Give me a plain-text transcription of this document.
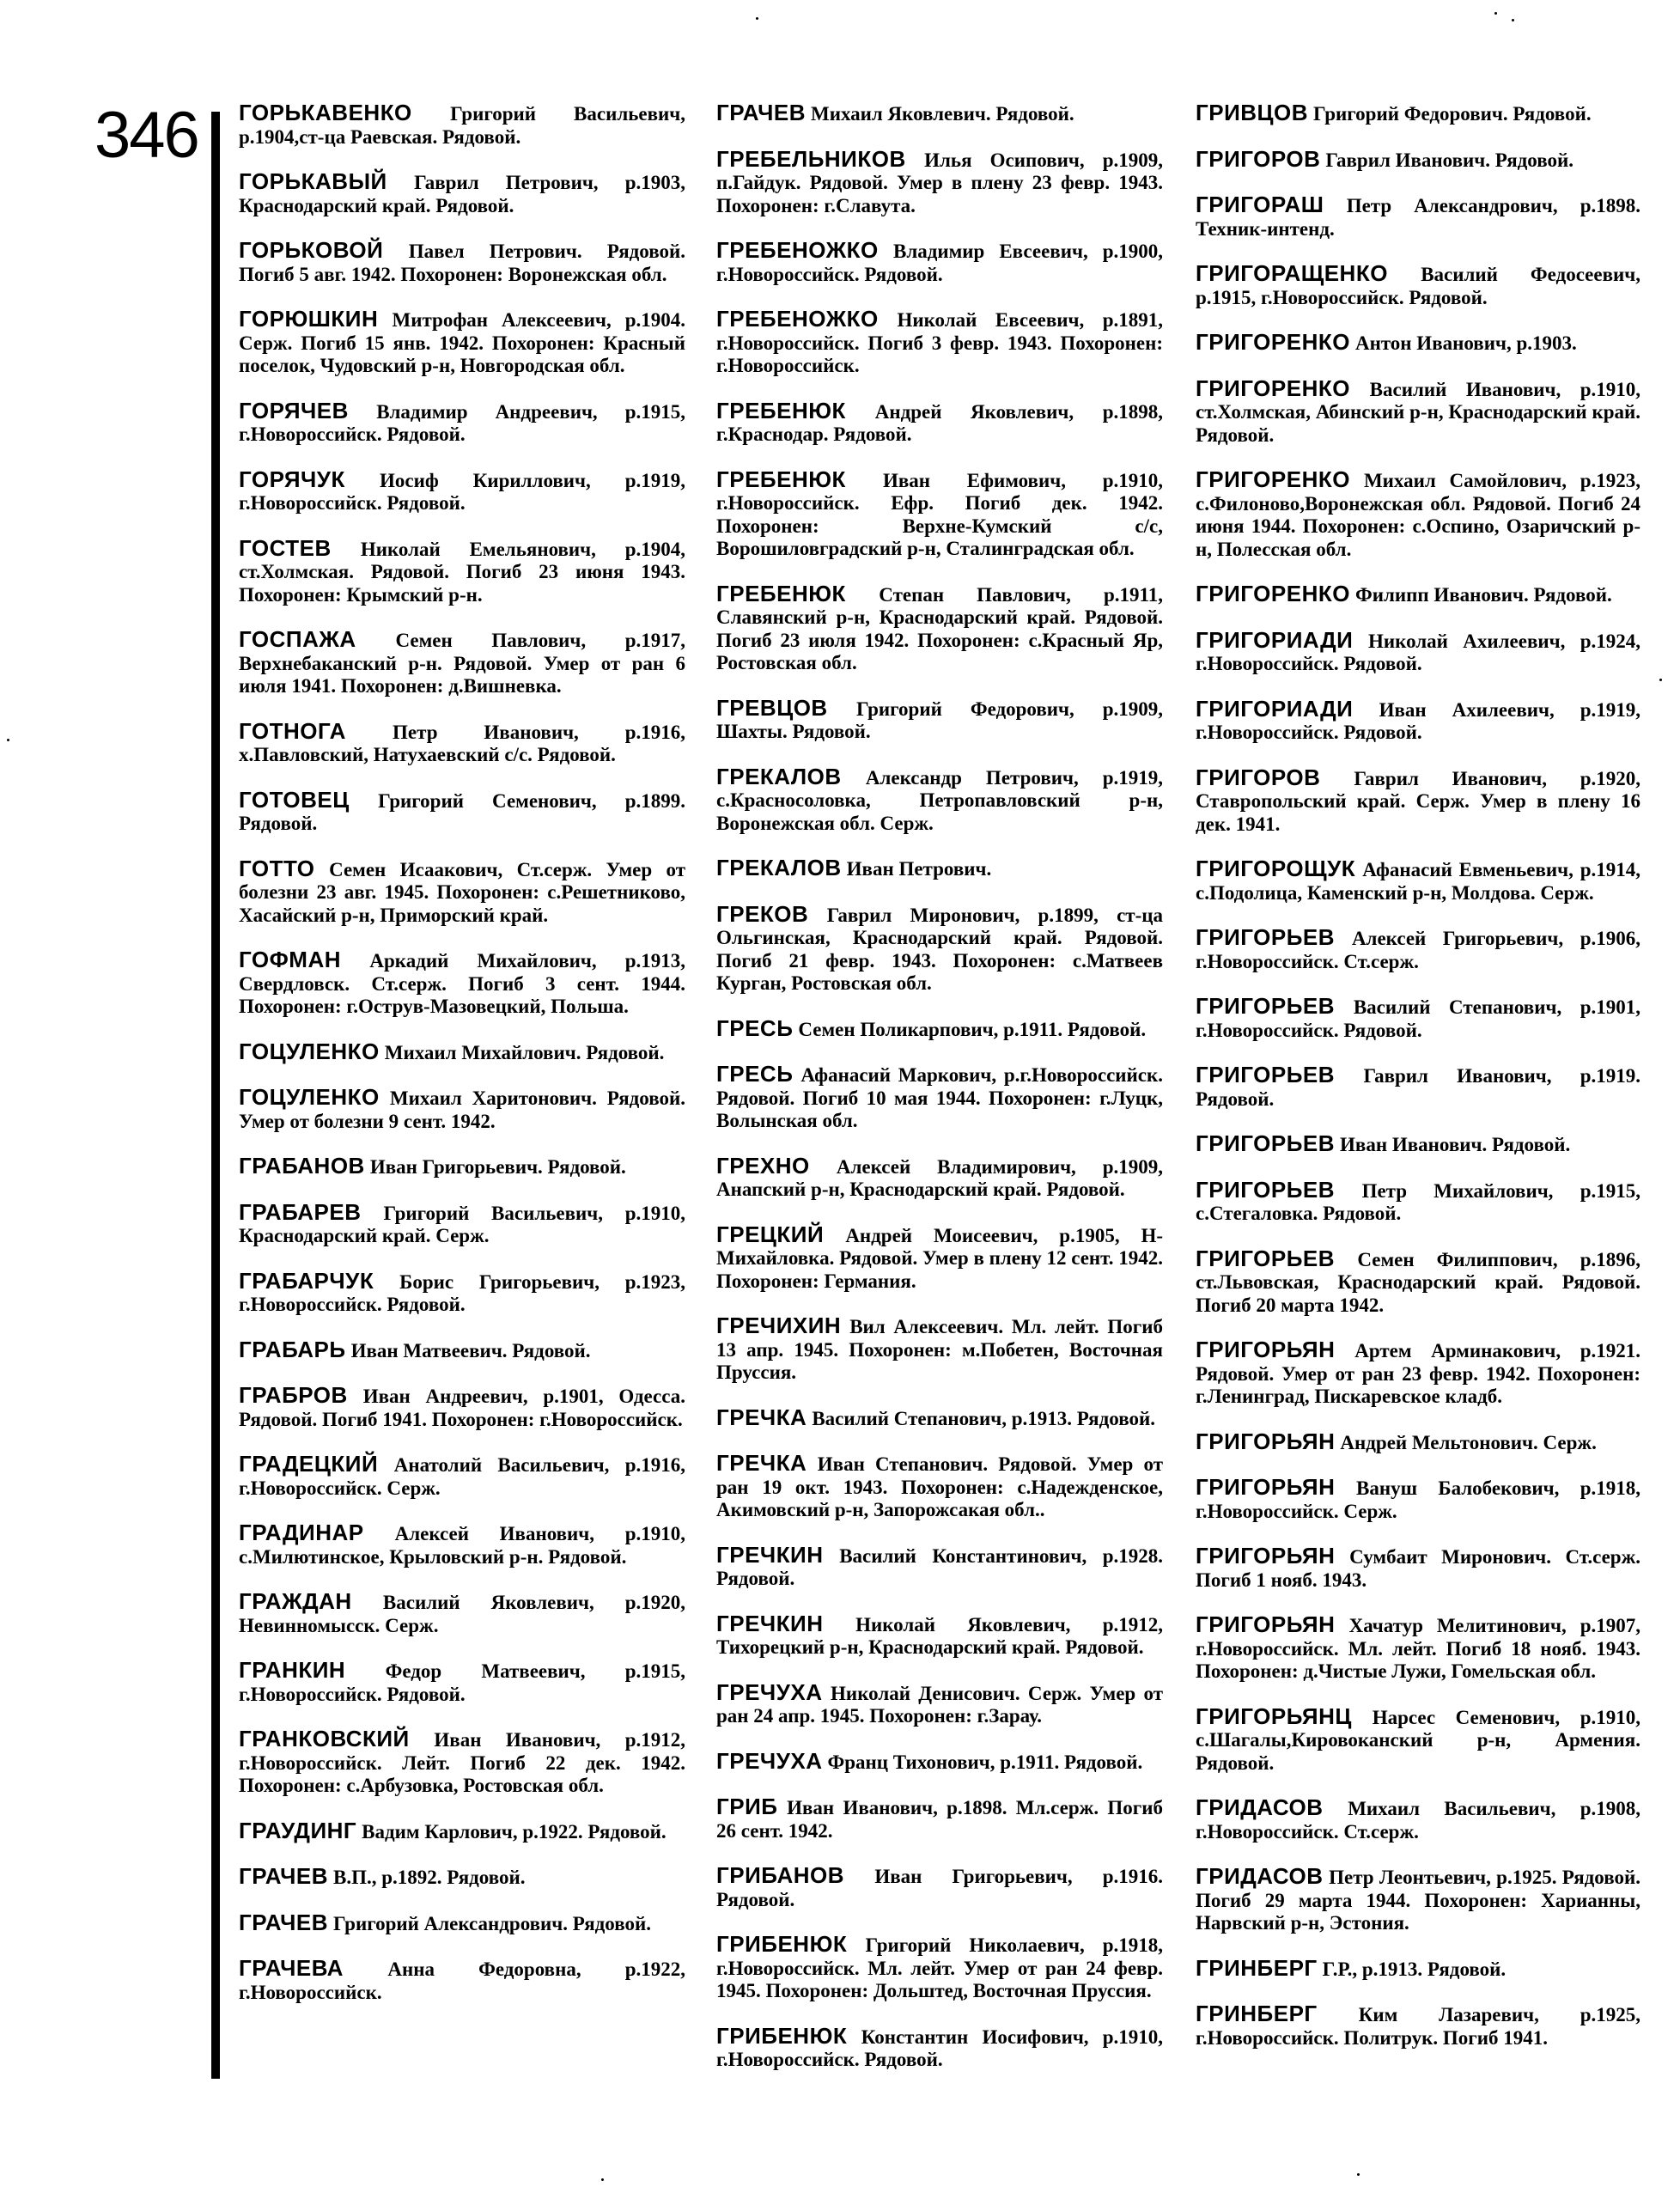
346 ГОРЬКАВЕНКО Григорий Васильевич, р.1904,ст-ца Раевская. Рядовой.
ГОРЬКАВЫЙ Гаврил Петрович, р.1903, Краснодарский край. Рядовой.
ГОРЬКОВОЙ Павел Петрович. Рядовой. Погиб 5 авг. 1942. Похоронен: Воронежская обл.
ГОРЮШКИН Митрофан Алексеевич, р.1904. Серж. Погиб 15 янв. 1942. Похоронен: Красный поселок, Чудовский р-н, Новгородская обл.
ГОРЯЧЕВ Владимир Андреевич, р.1915, г.Новороссийск. Рядовой.
ГОРЯЧУК Иосиф Кириллович, р.1919, г.Новороссийск. Рядовой.
ГОСТЕВ Николай Емельянович, р.1904, ст.Холмская. Рядовой. Погиб 23 июня 1943. Похоронен: Крымский р-н.
ГОСПАЖА Семен Павлович, р.1917, Верхнебаканский р-н. Рядовой. Умер от ран 6 июля 1941. Похоронен: д.Вишневка.
ГОТНОГА Петр Иванович, р.1916, х.Павловский, Натухаевский с/с. Рядовой.
ГОТОВЕЦ Григорий Семенович, р.1899. Рядовой.
ГОТТО Семен Исаакович, Ст.серж. Умер от болезни 23 авг. 1945. Похоронен: с.Решетниково, Хасайский р-н, Приморский край.
ГОФМАН Аркадий Михайлович, р.1913, Свердловск. Ст.серж. Погиб 3 сент. 1944. Похоронен: г.Острув-Мазовецкий, Польша.
ГОЦУЛЕНКО Михаил Михайлович. Рядовой.
ГОЦУЛЕНКО Михаил Харитонович. Рядовой. Умер от болезни 9 сент. 1942.
ГРАБАНОВ Иван Григорьевич. Рядовой.
ГРАБАРЕВ Григорий Васильевич, р.1910, Краснодарский край. Серж.
ГРАБАРЧУК Борис Григорьевич, р.1923, г.Новороссийск. Рядовой.
ГРАБАРЬ Иван Матвеевич. Рядовой.
ГРАБРОВ Иван Андреевич, р.1901, Одесса. Рядовой. Погиб 1941. Похоронен: г.Новороссийск.
ГРАДЕЦКИЙ Анатолий Васильевич, р.1916, г.Новороссийск. Серж.
ГРАДИНАР Алексей Иванович, р.1910, с.Милютинское, Крыловский р-н. Рядовой.
ГРАЖДАН Василий Яковлевич, р.1920, Невинномысск. Серж.
ГРАНКИН Федор Матвеевич, р.1915, г.Новороссийск. Рядовой.
ГРАНКОВСКИЙ Иван Иванович, р.1912, г.Новороссийск. Лейт. Погиб 22 дек. 1942. Похоронен: с.Арбузовка, Ростовская обл.
ГРАУДИНГ Вадим Карлович, р.1922. Рядовой.
ГРАЧЕВ В.П., р.1892. Рядовой.
ГРАЧЕВ Григорий Александрович. Рядовой.
ГРАЧЕВА Анна Федоровна, р.1922, г.Новороссийск.
ГРАЧЕВ Михаил Яковлевич. Рядовой.
ГРЕБЕЛЬНИКОВ Илья Осипович, р.1909, п.Гайдук. Рядовой. Умер в плену 23 февр. 1943. Похоронен: г.Славута.
ГРЕБЕНОЖКО Владимир Евсеевич, р.1900, г.Новороссийск. Рядовой.
ГРЕБЕНОЖКО Николай Евсеевич, р.1891, г.Новороссийск. Погиб 3 февр. 1943. Похоронен: г.Новороссийск.
ГРЕБЕНЮК Андрей Яковлевич, р.1898, г.Краснодар. Рядовой.
ГРЕБЕНЮК Иван Ефимович, р.1910, г.Новороссийск. Ефр. Погиб дек. 1942. Похоронен: Верхне-Кумский с/с, Ворошиловградский р-н, Сталинградская обл.
ГРЕБЕНЮК Степан Павлович, р.1911, Славянский р-н, Краснодарский край. Рядовой. Погиб 23 июля 1942. Похоронен: с.Красный Яр, Ростовская обл.
ГРЕВЦОВ Григорий Федорович, р.1909, Шахты. Рядовой.
ГРЕКАЛОВ Александр Петрович, р.1919, с.Красносоловка, Петропавловский р-н, Воронежская обл. Серж.
ГРЕКАЛОВ Иван Петрович.
ГРЕКОВ Гаврил Миронович, р.1899, ст-ца Ольгинская, Краснодарский край. Рядовой. Погиб 21 февр. 1943. Похоронен: с.Матвеев Курган, Ростовская обл.
ГРЕСЬ Семен Поликарпович, р.1911. Рядовой.
ГРЕСЬ Афанасий Маркович, р.г.Новороссийск. Рядовой. Погиб 10 мая 1944. Похоронен: г.Луцк, Волынская обл.
ГРЕХНО Алексей Владимирович, р.1909, Анапский р-н, Краснодарский край. Рядовой.
ГРЕЦКИЙ Андрей Моисеевич, р.1905, Н-Михайловка. Рядовой. Умер в плену 12 сент. 1942. Похоронен: Германия.
ГРЕЧИХИН Вил Алексеевич. Мл. лейт. Погиб 13 апр. 1945. Похоронен: м.Побетен, Восточная Пруссия.
ГРЕЧКА Василий Степанович, р.1913. Рядовой.
ГРЕЧКА Иван Степанович. Рядовой. Умер от ран 19 окт. 1943. Похоронен: с.Надежденское, Акимовский р-н, Запорожсакая обл..
ГРЕЧКИН Василий Константинович, р.1928. Рядовой.
ГРЕЧКИН Николай Яковлевич, р.1912, Тихорецкий р-н, Краснодарский край. Рядовой.
ГРЕЧУХА Николай Денисович. Серж. Умер от ран 24 апр. 1945. Похоронен: г.Зарау.
ГРЕЧУХА Франц Тихонович, р.1911. Рядовой.
ГРИБ Иван Иванович, р.1898. Мл.серж. Погиб 26 сент. 1942.
ГРИБАНОВ Иван Григорьевич, р.1916. Рядовой.
ГРИБЕНЮК Григорий Николаевич, р.1918, г.Новороссийск. Мл. лейт. Умер от ран 24 февр. 1945. Похоронен: Дольштед, Восточная Пруссия.
ГРИБЕНЮК Константин Иосифович, р.1910, г.Новороссийск. Рядовой.
ГРИВЦОВ Григорий Федорович. Рядовой.
ГРИГОРОВ Гаврил Иванович. Рядовой.
ГРИГОРАШ Петр Александрович, р.1898. Техник-интенд.
ГРИГОРАЩЕНКО Василий Федосеевич, р.1915, г.Новороссийск. Рядовой.
ГРИГОРЕНКО Антон Иванович, р.1903.
ГРИГОРЕНКО Василий Иванович, р.1910, ст.Холмская, Абинский р-н, Краснодарский край. Рядовой.
ГРИГОРЕНКО Михаил Самойлович, р.1923, с.Филоново,Воронежская обл. Рядовой. Погиб 24 июня 1944. Похоронен: с.Оспино, Озаричский р-н, Полесская обл.
ГРИГОРЕНКО Филипп Иванович. Рядовой.
ГРИГОРИАДИ Николай Ахилеевич, р.1924, г.Новороссийск. Рядовой.
ГРИГОРИАДИ Иван Ахилеевич, р.1919, г.Новороссийск. Рядовой.
ГРИГОРОВ Гаврил Иванович, р.1920, Ставропольский край. Серж. Умер в плену 16 дек. 1941.
ГРИГОРОЩУК Афанасий Евменьевич, р.1914, с.Подолица, Каменский р-н, Молдова. Серж.
ГРИГОРЬЕВ Алексей Григорьевич, р.1906, г.Новороссийск. Ст.серж.
ГРИГОРЬЕВ Василий Степанович, р.1901, г.Новороссийск. Рядовой.
ГРИГОРЬЕВ Гаврил Иванович, р.1919. Рядовой.
ГРИГОРЬЕВ Иван Иванович. Рядовой.
ГРИГОРЬЕВ Петр Михайлович, р.1915, с.Стегаловка. Рядовой.
ГРИГОРЬЕВ Семен Филиппович, р.1896, ст.Львовская, Краснодарский край. Рядовой. Погиб 20 марта 1942.
ГРИГОРЬЯН Артем Арминакович, р.1921. Рядовой. Умер от ран 23 февр. 1942. Похоронен: г.Ленинград, Пискаревское кладб.
ГРИГОРЬЯН Андрей Мельтонович. Серж.
ГРИГОРЬЯН Вануш Балобекович, р.1918, г.Новороссийск. Серж.
ГРИГОРЬЯН Сумбаит Миронович. Ст.серж. Погиб 1 нояб. 1943.
ГРИГОРЬЯН Хачатур Мелитинович, р.1907, г.Новороссийск. Мл. лейт. Погиб 18 нояб. 1943. Похоронен: д.Чистые Лужи, Гомельская обл.
ГРИГОРЬЯНЦ Нарсес Семенович, р.1910, с.Шагалы,Кировоканский р-н, Армения. Рядовой.
ГРИДАСОВ Михаил Васильевич, р.1908, г.Новороссийск. Ст.серж.
ГРИДАСОВ Петр Леонтьевич, р.1925. Рядовой. Погиб 29 марта 1944. Похоронен: Харианны, Нарвский р-н, Эстония.
ГРИНБЕРГ Г.Р., р.1913. Рядовой.
ГРИНБЕРГ Ким Лазаревич, р.1925, г.Новороссийск. Политрук. Погиб 1941.
